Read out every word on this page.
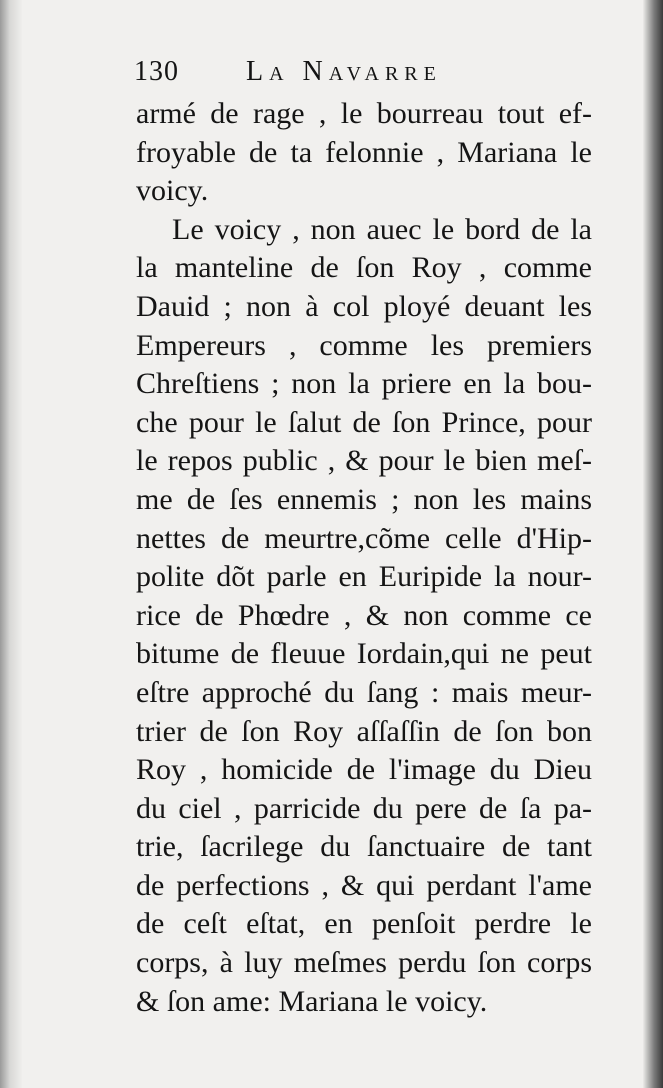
130 La Navarre
armé de rage , le bourreau tout ef-
froyable de ta felonnie , Mariana le
voicy.
Le voicy , non auec le bord de la
la manteline de ſon Roy , comme
Dauid ; non à col ployé deuant les
Empereurs , comme les premiers
Chreſtiens ; non la priere en la bou-
che pour le ſalut de ſon Prince, pour
le repos public , & pour le bien meſ-
me de ſes ennemis ; non les mains
nettes de meurtre,cõme celle d'Hip-
polite dõt parle en Euripide la nour-
rice de Phœdre , & non comme ce
bitume de fleuue Iordain,qui ne peut
eſtre approché du ſang : mais meur-
trier de ſon Roy aſſaſſin de ſon bon
Roy , homicide de l'image du Dieu
du ciel , parricide du pere de ſa pa-
trie, ſacrilege du ſanctuaire de tant
de perfections , & qui perdant l'ame
de ceſt eſtat, en penſoit perdre le
corps, à luy meſmes perdu ſon corps
& ſon ame: Mariana le voicy.
